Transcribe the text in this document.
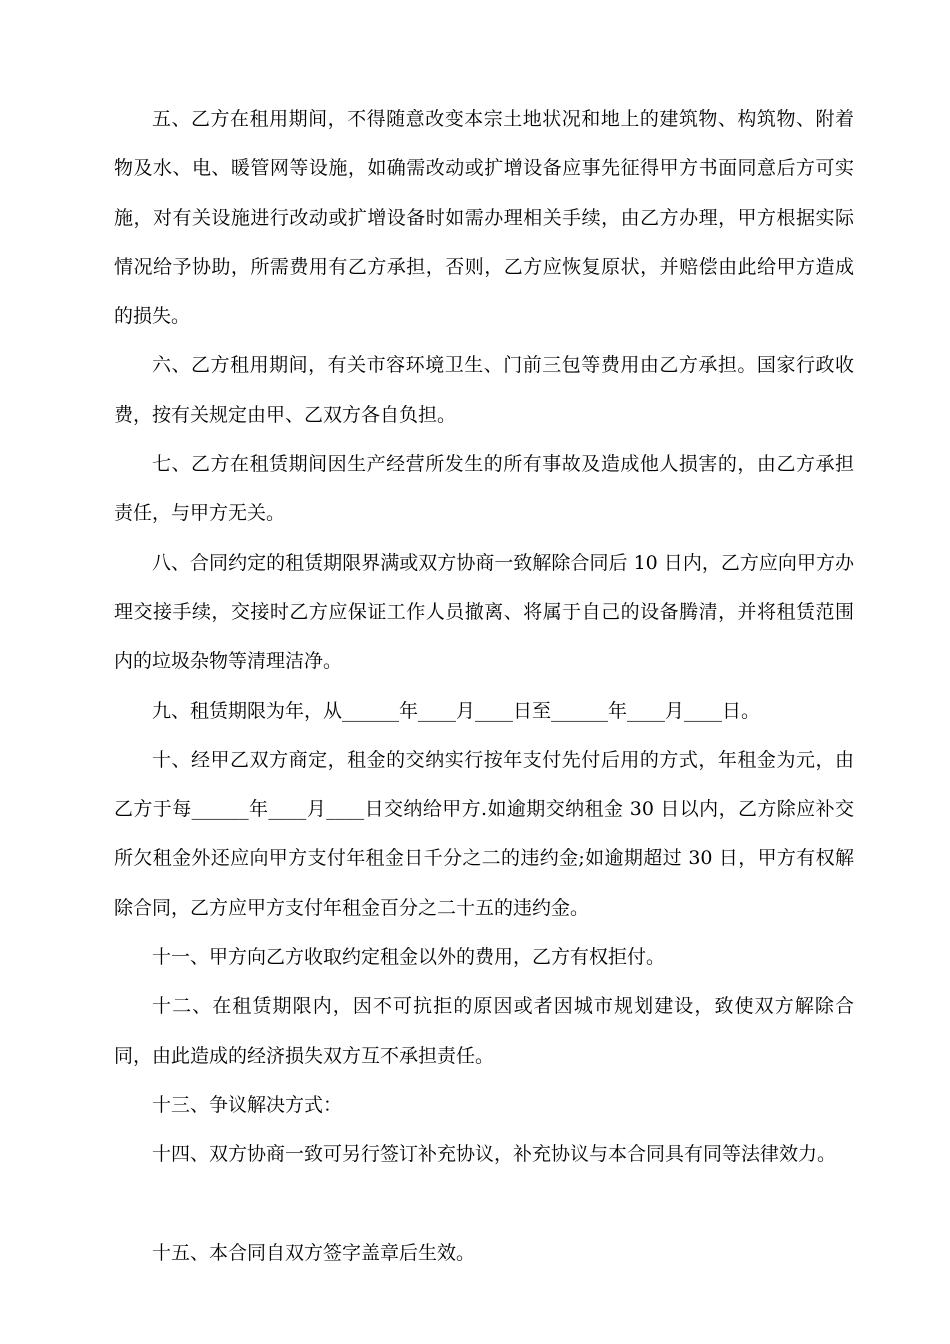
五、乙方在租用期间，不得随意改变本宗土地状况和地上的建筑物、构筑物、附着物及水、电、暖管网等设施，如确需改动或扩增设备应事先征得甲方书面同意后方可实施，对有关设施进行改动或扩增设备时如需办理相关手续，由乙方办理，甲方根据实际情况给予协助，所需费用有乙方承担，否则，乙方应恢复原状，并赔偿由此给甲方造成的损失。

六、乙方租用期间，有关市容环境卫生、门前三包等费用由乙方承担。国家行政收费，按有关规定由甲、乙双方各自负担。

七、乙方在租赁期间因生产经营所发生的所有事故及造成他人损害的，由乙方承担责任，与甲方无关。

八、合同约定的租赁期限界满或双方协商一致解除合同后 10 日内，乙方应向甲方办理交接手续，交接时乙方应保证工作人员撤离、将属于自己的设备腾清，并将租赁范围内的垃圾杂物等清理洁净。

九、租赁期限为年，从______年____月____日至______年____月____日。

十、经甲乙双方商定，租金的交纳实行按年支付先付后用的方式，年租金为元，由乙方于每______年____月____日交纳给甲方.如逾期交纳租金 30 日以内，乙方除应补交所欠租金外还应向甲方支付年租金日千分之二的违约金;如逾期超过 30 日，甲方有权解除合同，乙方应甲方支付年租金百分之二十五的违约金。

十一、甲方向乙方收取约定租金以外的费用，乙方有权拒付。

十二、在租赁期限内，因不可抗拒的原因或者因城市规划建设，致使双方解除合同，由此造成的经济损失双方互不承担责任。

十三、争议解决方式：

十四、双方协商一致可另行签订补充协议，补充协议与本合同具有同等法律效力。

十五、本合同自双方签字盖章后生效。
